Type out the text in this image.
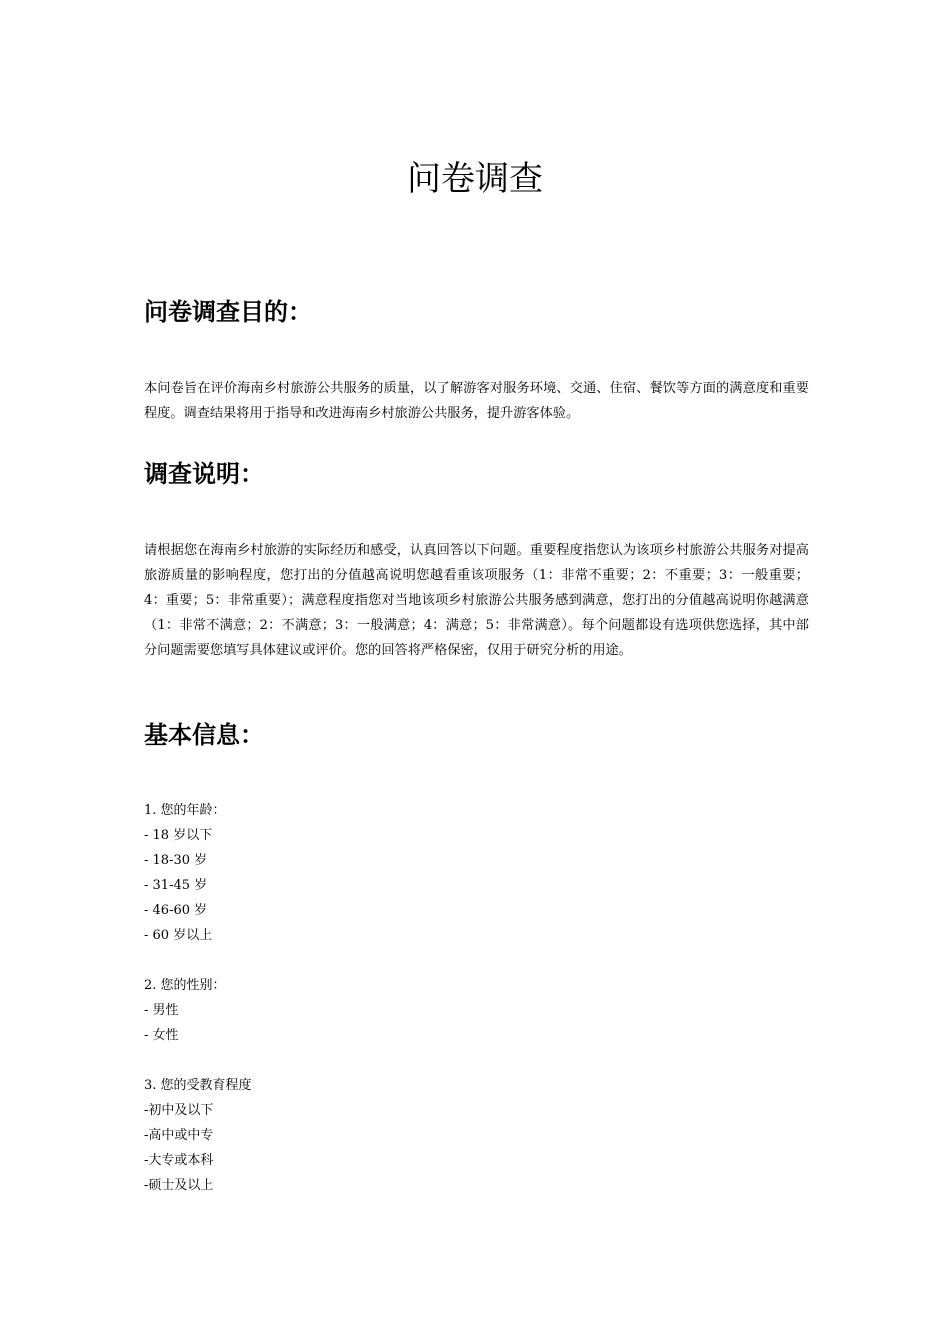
问卷调查
问卷调查目的：

本问卷旨在评价海南乡村旅游公共服务的质量，以了解游客对服务环境、交通、住宿、餐饮等方面的满意度和重要程度。调查结果将用于指导和改进海南乡村旅游公共服务，提升游客体验。

调查说明：

请根据您在海南乡村旅游的实际经历和感受，认真回答以下问题。重要程度指您认为该项乡村旅游公共服务对提高旅游质量的影响程度，您打出的分值越高说明您越看重该项服务（1：非常不重要；2：不重要；3：一般重要；4：重要；5：非常重要）；满意程度指您对当地该项乡村旅游公共服务感到满意，您打出的分值越高说明你越满意（1：非常不满意；2：不满意；3：一般满意；4：满意；5：非常满意）。每个问题都设有选项供您选择，其中部分问题需要您填写具体建议或评价。您的回答将严格保密，仅用于研究分析的用途。

基本信息：
1. 您的年龄：
- 18 岁以下
- 18-30 岁
- 31-45 岁
- 46-60 岁
- 60 岁以上
2. 您的性别：
- 男性
- 女性
3. 您的受教育程度
-初中及以下
-高中或中专
-大专或本科
-硕士及以上
